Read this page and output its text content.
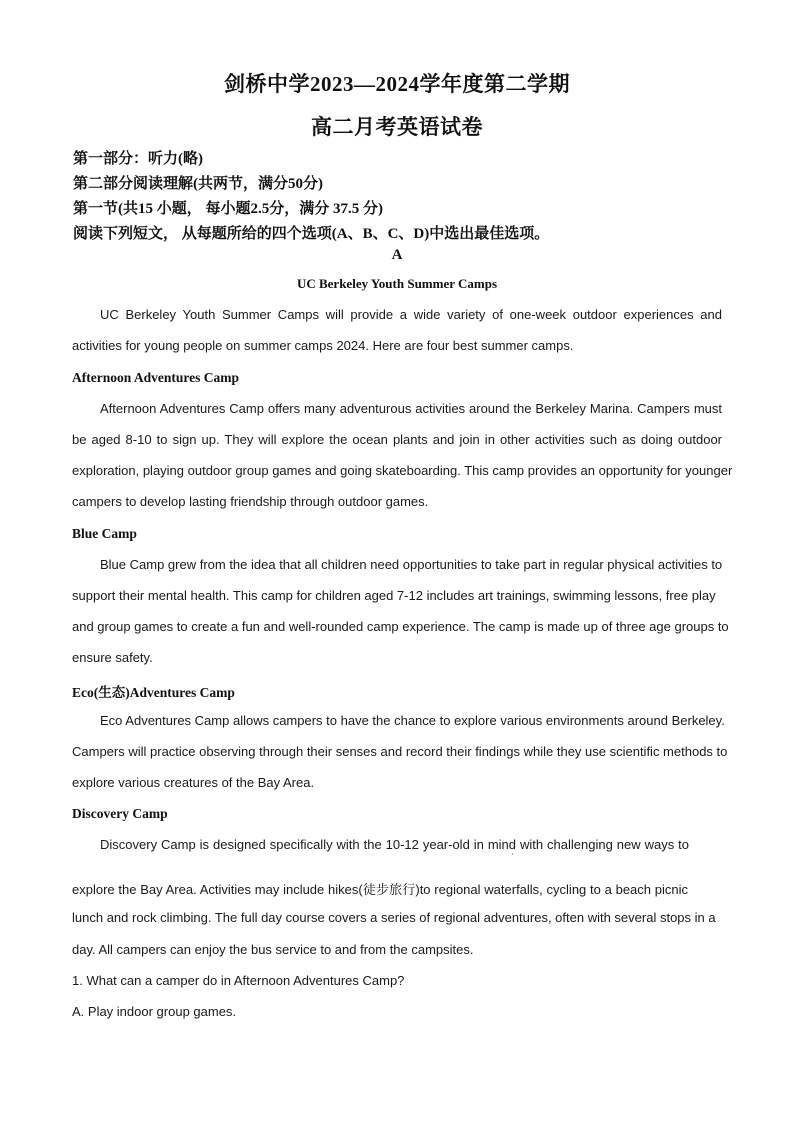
剑桥中学2023—2024学年度第二学期
高二月考英语试卷
第一部分：听力(略)
第二部分阅读理解(共两节，满分50分)
第一节(共15 小题， 每小题2.5分，满分 37.5 分)
阅读下列短文， 从每题所给的四个选项(A、B、C、D)中选出最佳选项。
A
UC Berkeley Youth Summer Camps
UC Berkeley Youth Summer Camps will provide a wide variety of one-week outdoor experiences and
activities for young people on summer camps 2024. Here are four best summer camps.
Afternoon Adventures Camp
Afternoon Adventures Camp offers many adventurous activities around the Berkeley Marina. Campers must
be aged 8-10 to sign up. They will explore the ocean plants and join in other activities such as doing outdoor
exploration, playing outdoor group games and going skateboarding. This camp provides an opportunity for younger
campers to develop lasting friendship through outdoor games.
Blue Camp
Blue Camp grew from the idea that all children need opportunities to take part in regular physical activities to
support their mental health. This camp for children aged 7-12 includes art trainings, swimming lessons, free play
and group games to create a fun and well-rounded camp experience. The camp is made up of three age groups to
ensure safety.
Eco(生态)Adventures Camp
Eco Adventures Camp allows campers to have the chance to explore various environments around Berkeley.
Campers will practice observing through their senses and record their findings while they use scientific methods to
explore various creatures of the Bay Area.
Discovery Camp
Discovery Camp is designed specifically with the 10-12 year-old in mind with challenging new ways to
'
explore the Bay Area. Activities may include hikes(徒步旅行)to regional waterfalls, cycling to a beach picnic
lunch and rock climbing. The full day course covers a series of regional adventures, often with several stops in a
day. All campers can enjoy the bus service to and from the campsites.
1. What can a camper do in Afternoon Adventures Camp?
A. Play indoor group games.
